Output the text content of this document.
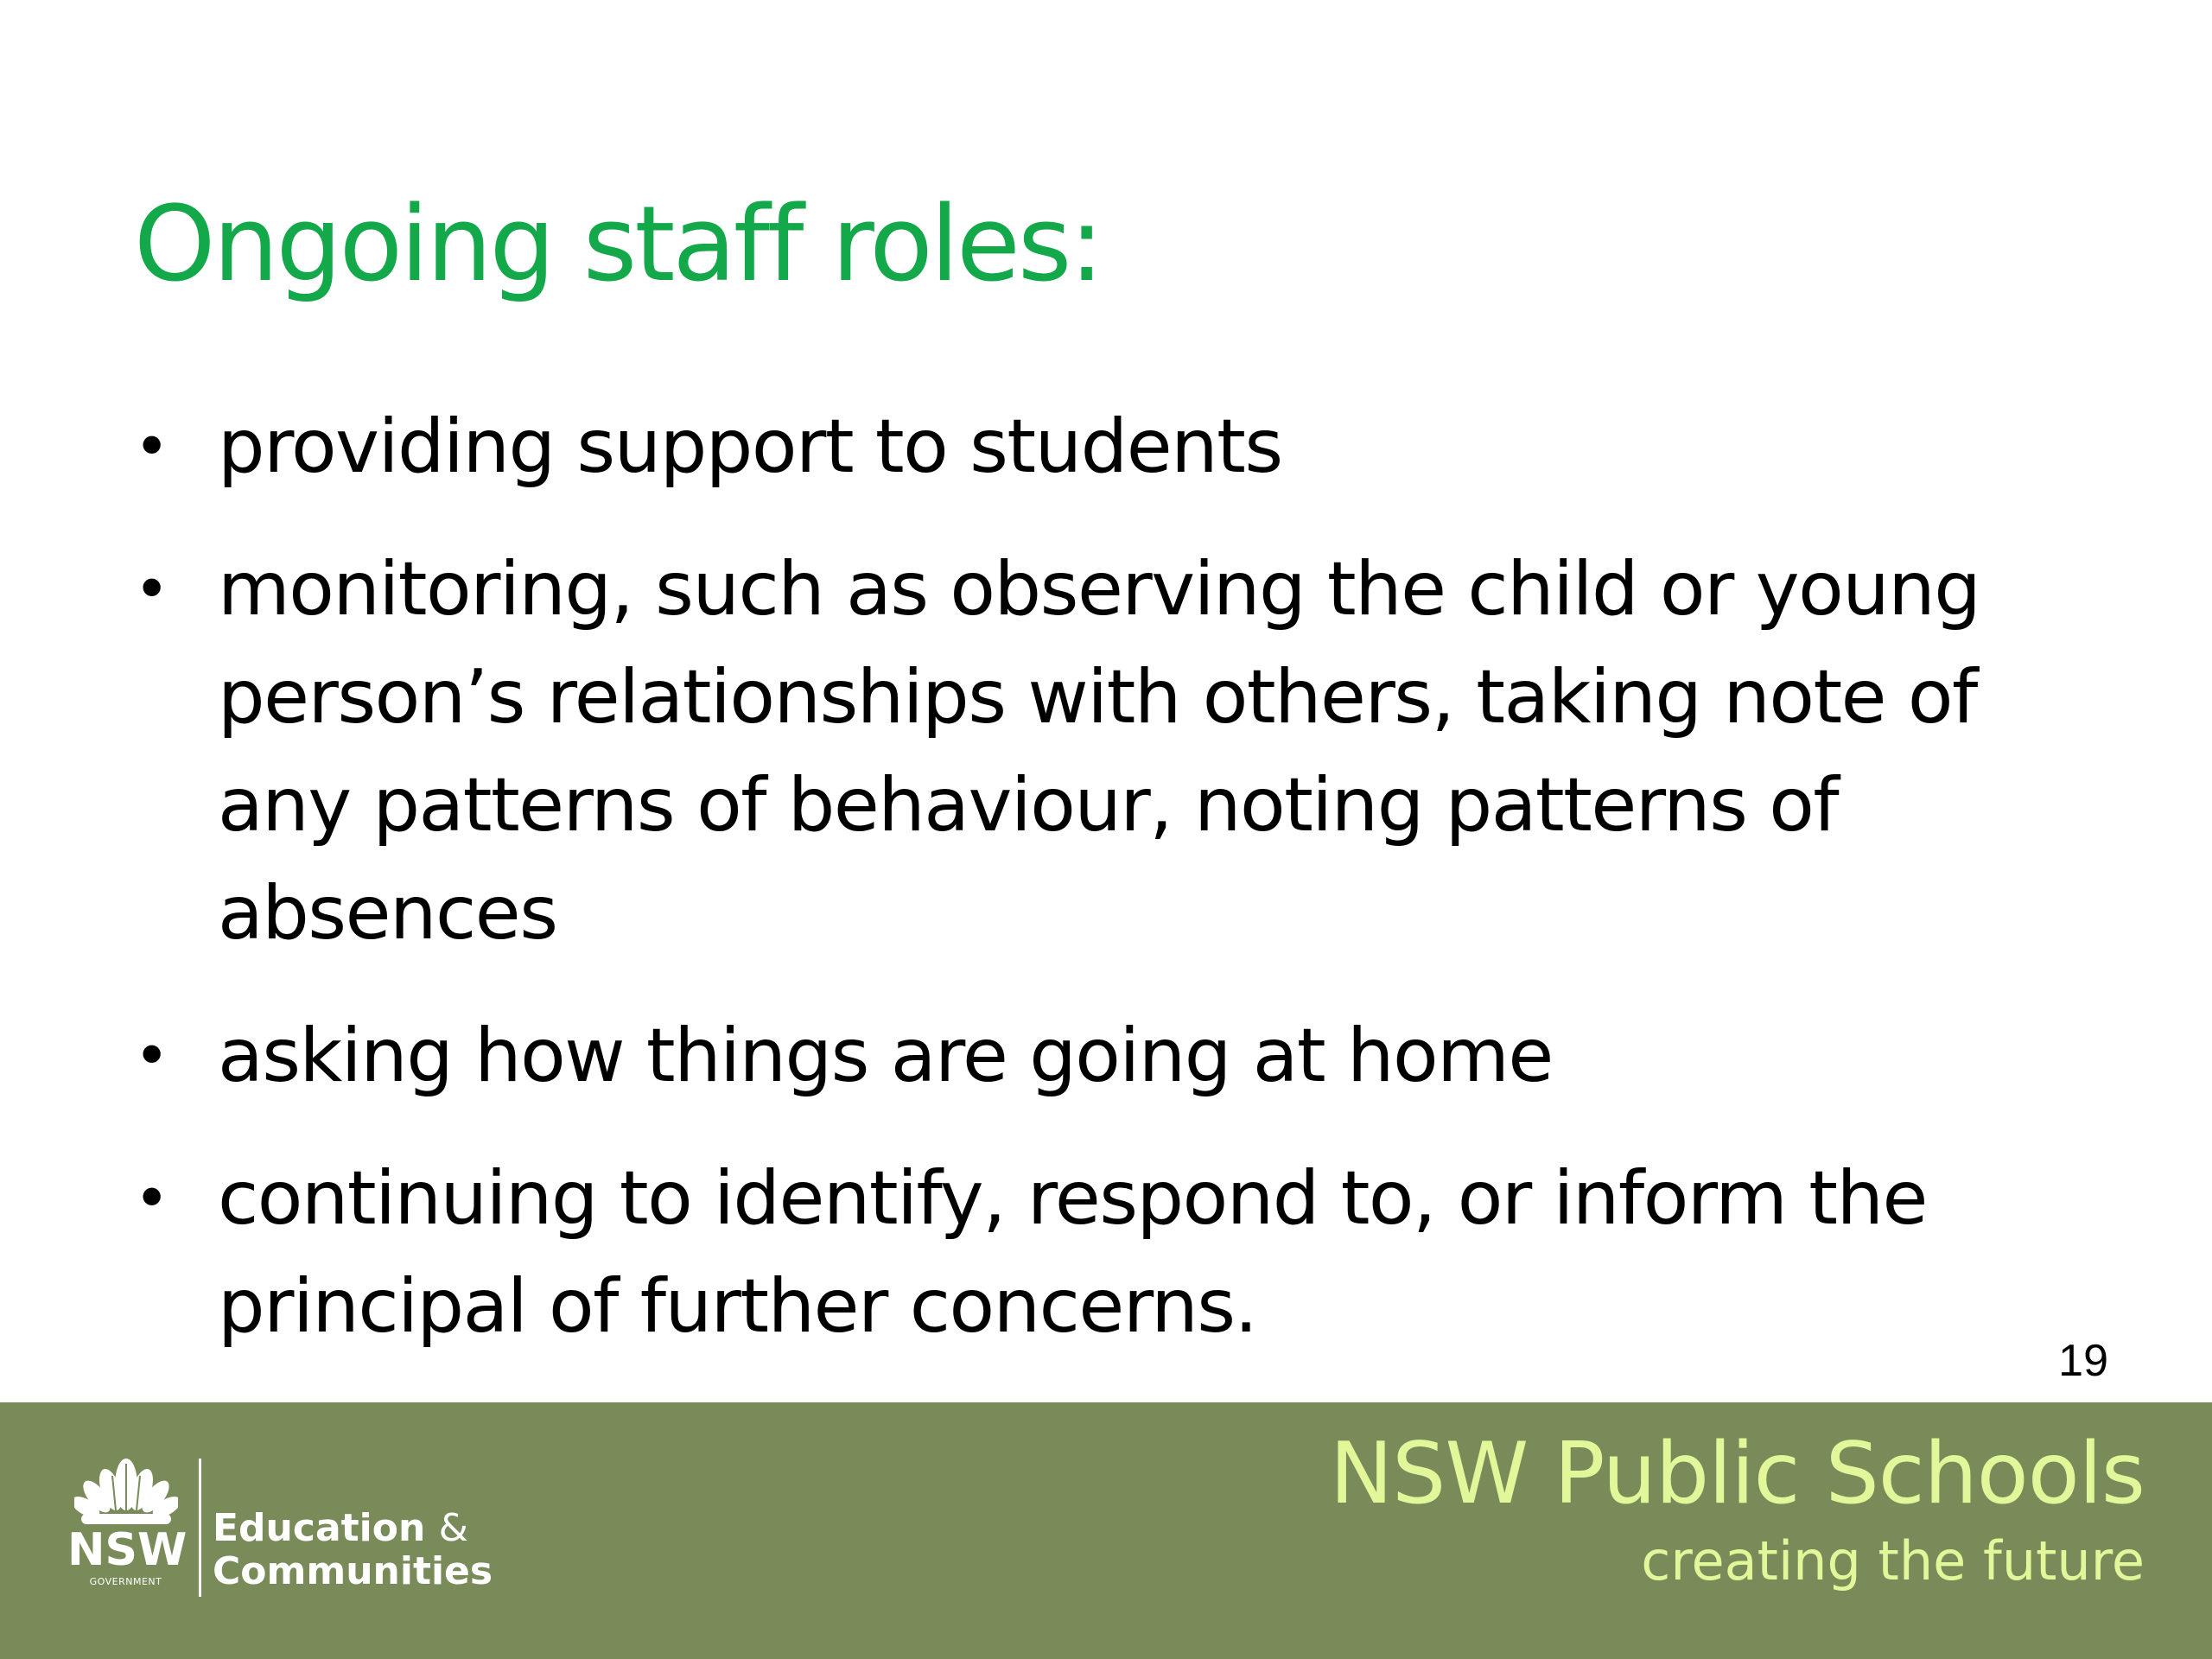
Ongoing staff roles:
• providing support to students
• monitoring, such as observing the child or young person’s relationships with others, taking note of any patterns of behaviour, noting patterns of absences
• asking how things are going at home
• continuing to identify, respond to, or inform the principal of further concerns.
19
NSW
GOVERNMENT
Education &
Communities
NSW Public Schools
creating the future
